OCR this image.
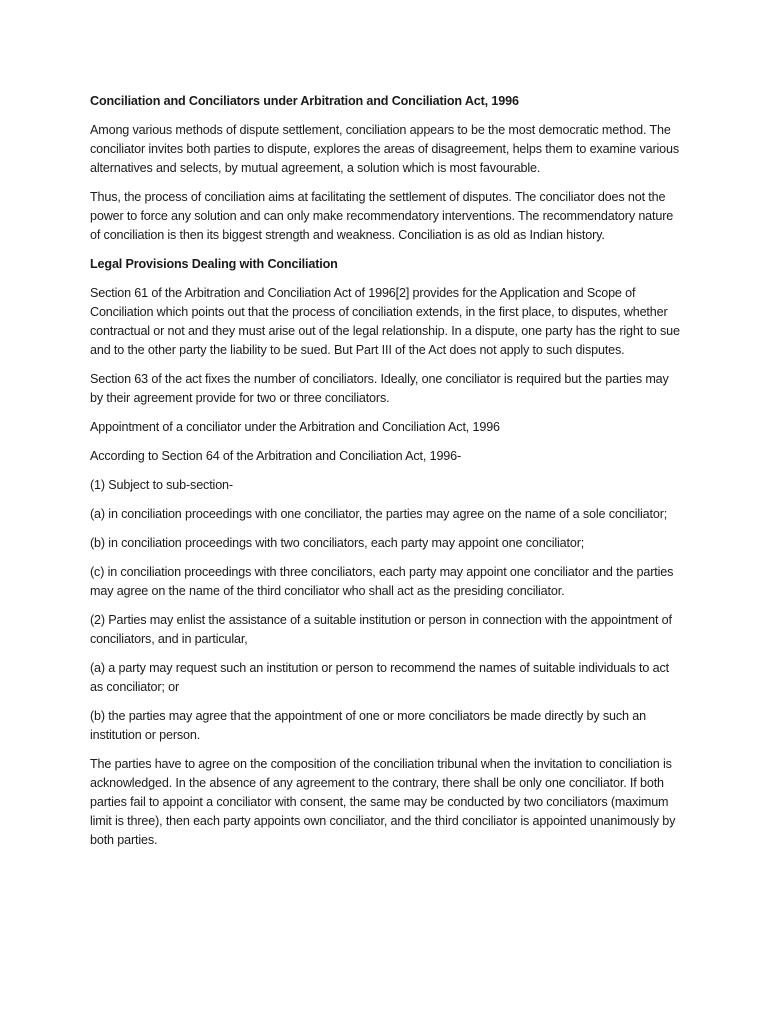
Conciliation and Conciliators under Arbitration and Conciliation Act, 1996

Among various methods of dispute settlement, conciliation appears to be the most democratic method. The conciliator invites both parties to dispute, explores the areas of disagreement, helps them to examine various alternatives and selects, by mutual agreement, a solution which is most favourable.

Thus, the process of conciliation aims at facilitating the settlement of disputes. The conciliator does not the power to force any solution and can only make recommendatory interventions. The recommendatory nature of conciliation is then its biggest strength and weakness. Conciliation is as old as Indian history.

Legal Provisions Dealing with Conciliation

Section 61 of the Arbitration and Conciliation Act of 1996[2] provides for the Application and Scope of Conciliation which points out that the process of conciliation extends, in the first place, to disputes, whether contractual or not and they must arise out of the legal relationship. In a dispute, one party has the right to sue and to the other party the liability to be sued. But Part III of the Act does not apply to such disputes.

Section 63 of the act fixes the number of conciliators. Ideally, one conciliator is required but the parties may by their agreement provide for two or three conciliators.

Appointment of a conciliator under the Arbitration and Conciliation Act, 1996

According to Section 64 of the Arbitration and Conciliation Act, 1996-

(1) Subject to sub-section-

(a) in conciliation proceedings with one conciliator, the parties may agree on the name of a sole conciliator;

(b) in conciliation proceedings with two conciliators, each party may appoint one conciliator;

(c) in conciliation proceedings with three conciliators, each party may appoint one conciliator and the parties may agree on the name of the third conciliator who shall act as the presiding conciliator.

(2) Parties may enlist the assistance of a suitable institution or person in connection with the appointment of conciliators, and in particular,

(a) a party may request such an institution or person to recommend the names of suitable individuals to act as conciliator; or

(b) the parties may agree that the appointment of one or more conciliators be made directly by such an institution or person.

The parties have to agree on the composition of the conciliation tribunal when the invitation to conciliation is acknowledged. In the absence of any agreement to the contrary, there shall be only one conciliator. If both parties fail to appoint a conciliator with consent, the same may be conducted by two conciliators (maximum limit is three), then each party appoints own conciliator, and the third conciliator is appointed unanimously by both parties.
